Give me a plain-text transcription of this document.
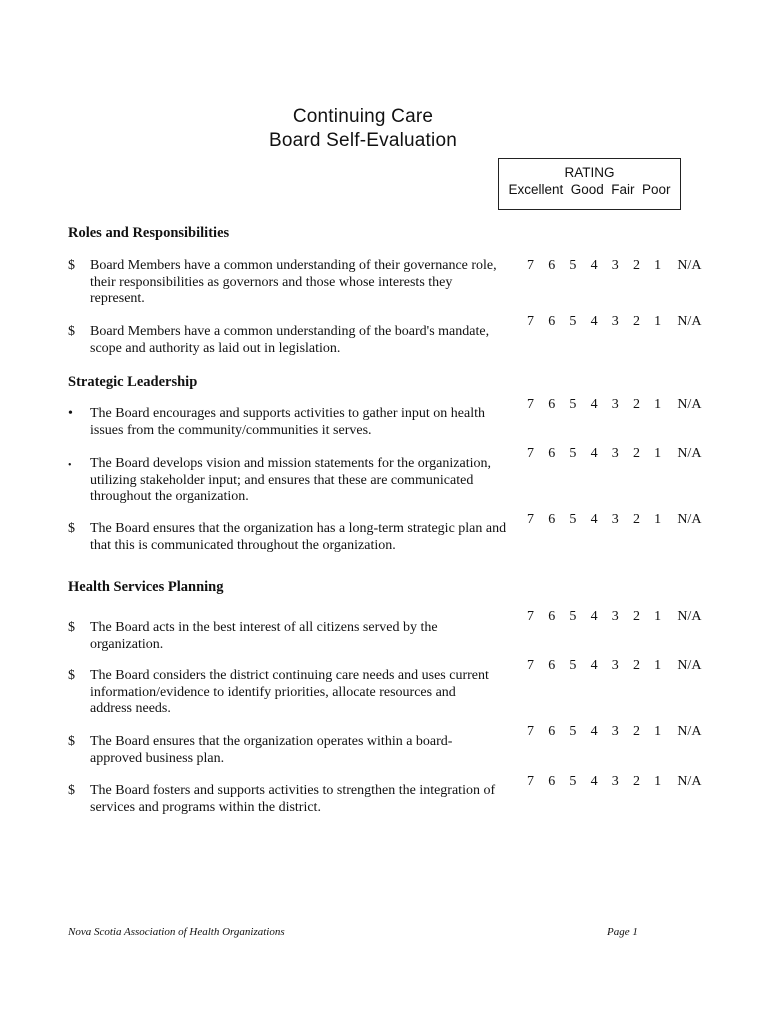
Continuing Care
Board Self-Evaluation
RATING
Excellent  Good  Fair  Poor
Roles and Responsibilities
$	Board Members have a common understanding of their governance role, their responsibilities as governors and those whose interests they represent.
7	6	5	4	3	2	1	N/A
$	Board Members have a common understanding of the board's mandate, scope and authority as laid out in legislation.
7	6	5	4	3	2	1	N/A
Strategic Leadership
•	The Board encourages and supports activities to gather input on health issues from the community/communities it serves.
7	6	5	4	3	2	1	N/A
•	The Board develops vision and mission statements for the organization, utilizing stakeholder input; and ensures that these are communicated throughout the organization.
7	6	5	4	3	2	1	N/A
$	The Board ensures that the organization has a long-term strategic plan and that this is communicated throughout the organization.
7	6	5	4	3	2	1	N/A
Health Services Planning
$	The Board acts in the best interest of all citizens served by the organization.
7	6	5	4	3	2	1	N/A
$	The Board considers the district continuing care needs and uses current information/evidence to identify priorities, allocate resources and address needs.
7	6	5	4	3	2	1	N/A
$	The Board ensures that the organization operates within a board-approved business plan.
7	6	5	4	3	2	1	N/A
$	The Board fosters and supports activities to strengthen the integration of services and programs within the district.
7	6	5	4	3	2	1	N/A
Nova Scotia Association of Health Organizations	Page 1
